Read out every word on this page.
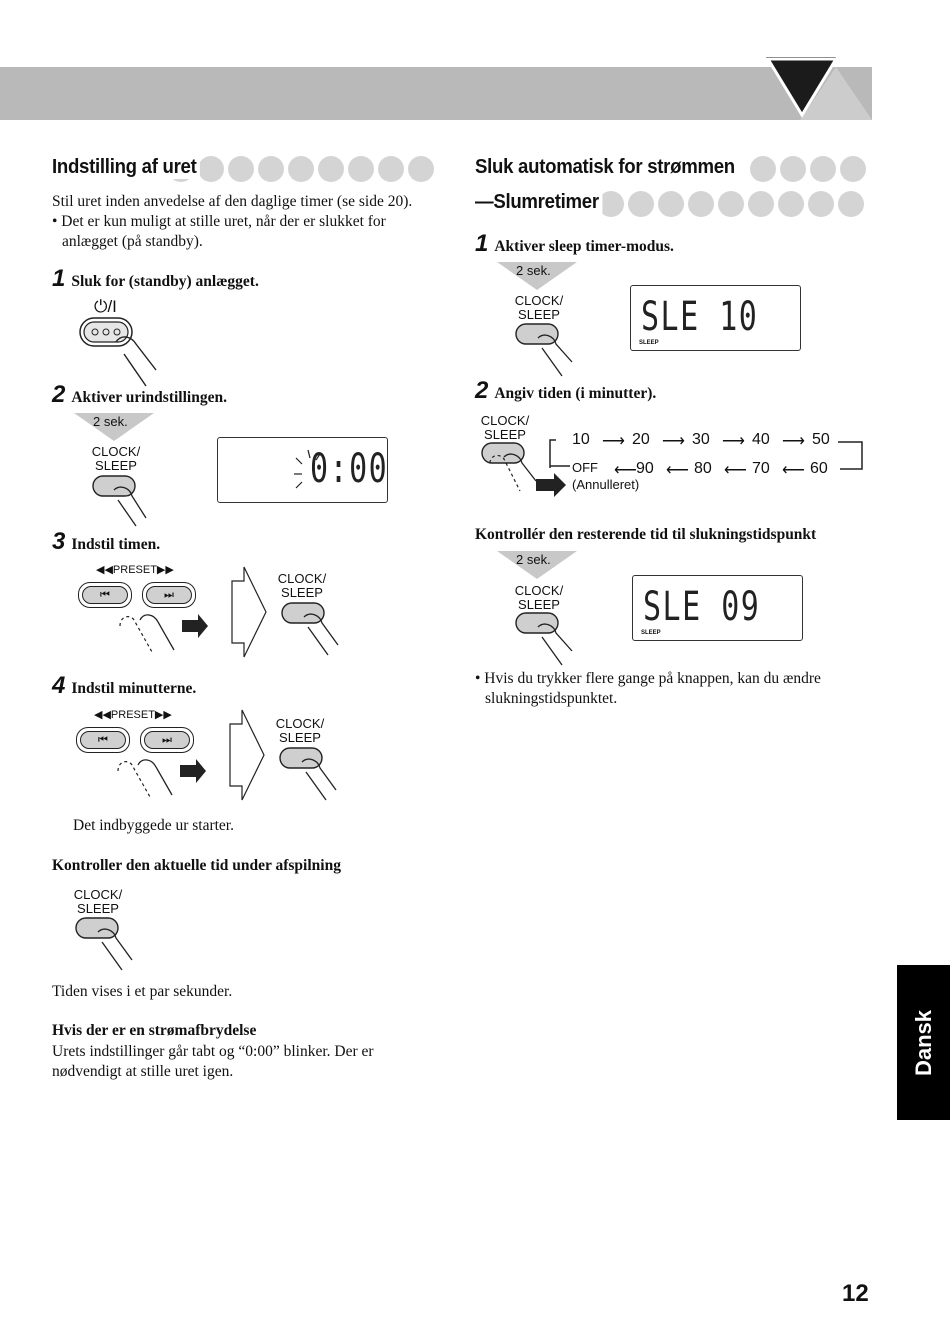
Indstilling af uret
Stil uret inden anvedelse af den daglige timer (se side 20).
• Det er kun muligt at stille uret, når der er slukket for
anlægget (på standby).
1 Sluk for (standby) anlægget.
⏻/I
2 Aktiver urindstillingen.
2 sek.
CLOCK/
SLEEP	0:00
3 Indstil timen.
◀◀PRESET▶▶
⏮	⏭
CLOCK/
SLEEP
4 Indstil minutterne.
◀◀PRESET▶▶
⏮	⏭
CLOCK/
SLEEP
Det indbyggede ur starter.
Kontroller den aktuelle tid under afspilning
CLOCK/
SLEEP
Tiden vises i et par sekunder.
Hvis der er en strømafbrydelse
Urets indstillinger går tabt og “0:00” blinker. Der er
nødvendigt at stille uret igen.
Sluk automatisk for strømmen
—Slumretimer
1 Aktiver sleep timer-modus.
2 sek.
CLOCK/
SLEEP SLE 10
SLEEP
2 Angiv tiden (i minutter).
CLOCK/
SLEEP	10 ⟶ 20 ⟶ 30 ⟶ 40 ⟶ 50
OFF	⟵ 90 ⟵ 80 ⟵ 70 ⟵ 60
(Annulleret)
Kontrollér den resterende tid til slukningstidspunkt
2 sek.
CLOCK/
SLEEP SLE 09
SLEEP
• Hvis du trykker flere gange på knappen, kan du ændre
slukningstidspunktet.
Dansk
12
